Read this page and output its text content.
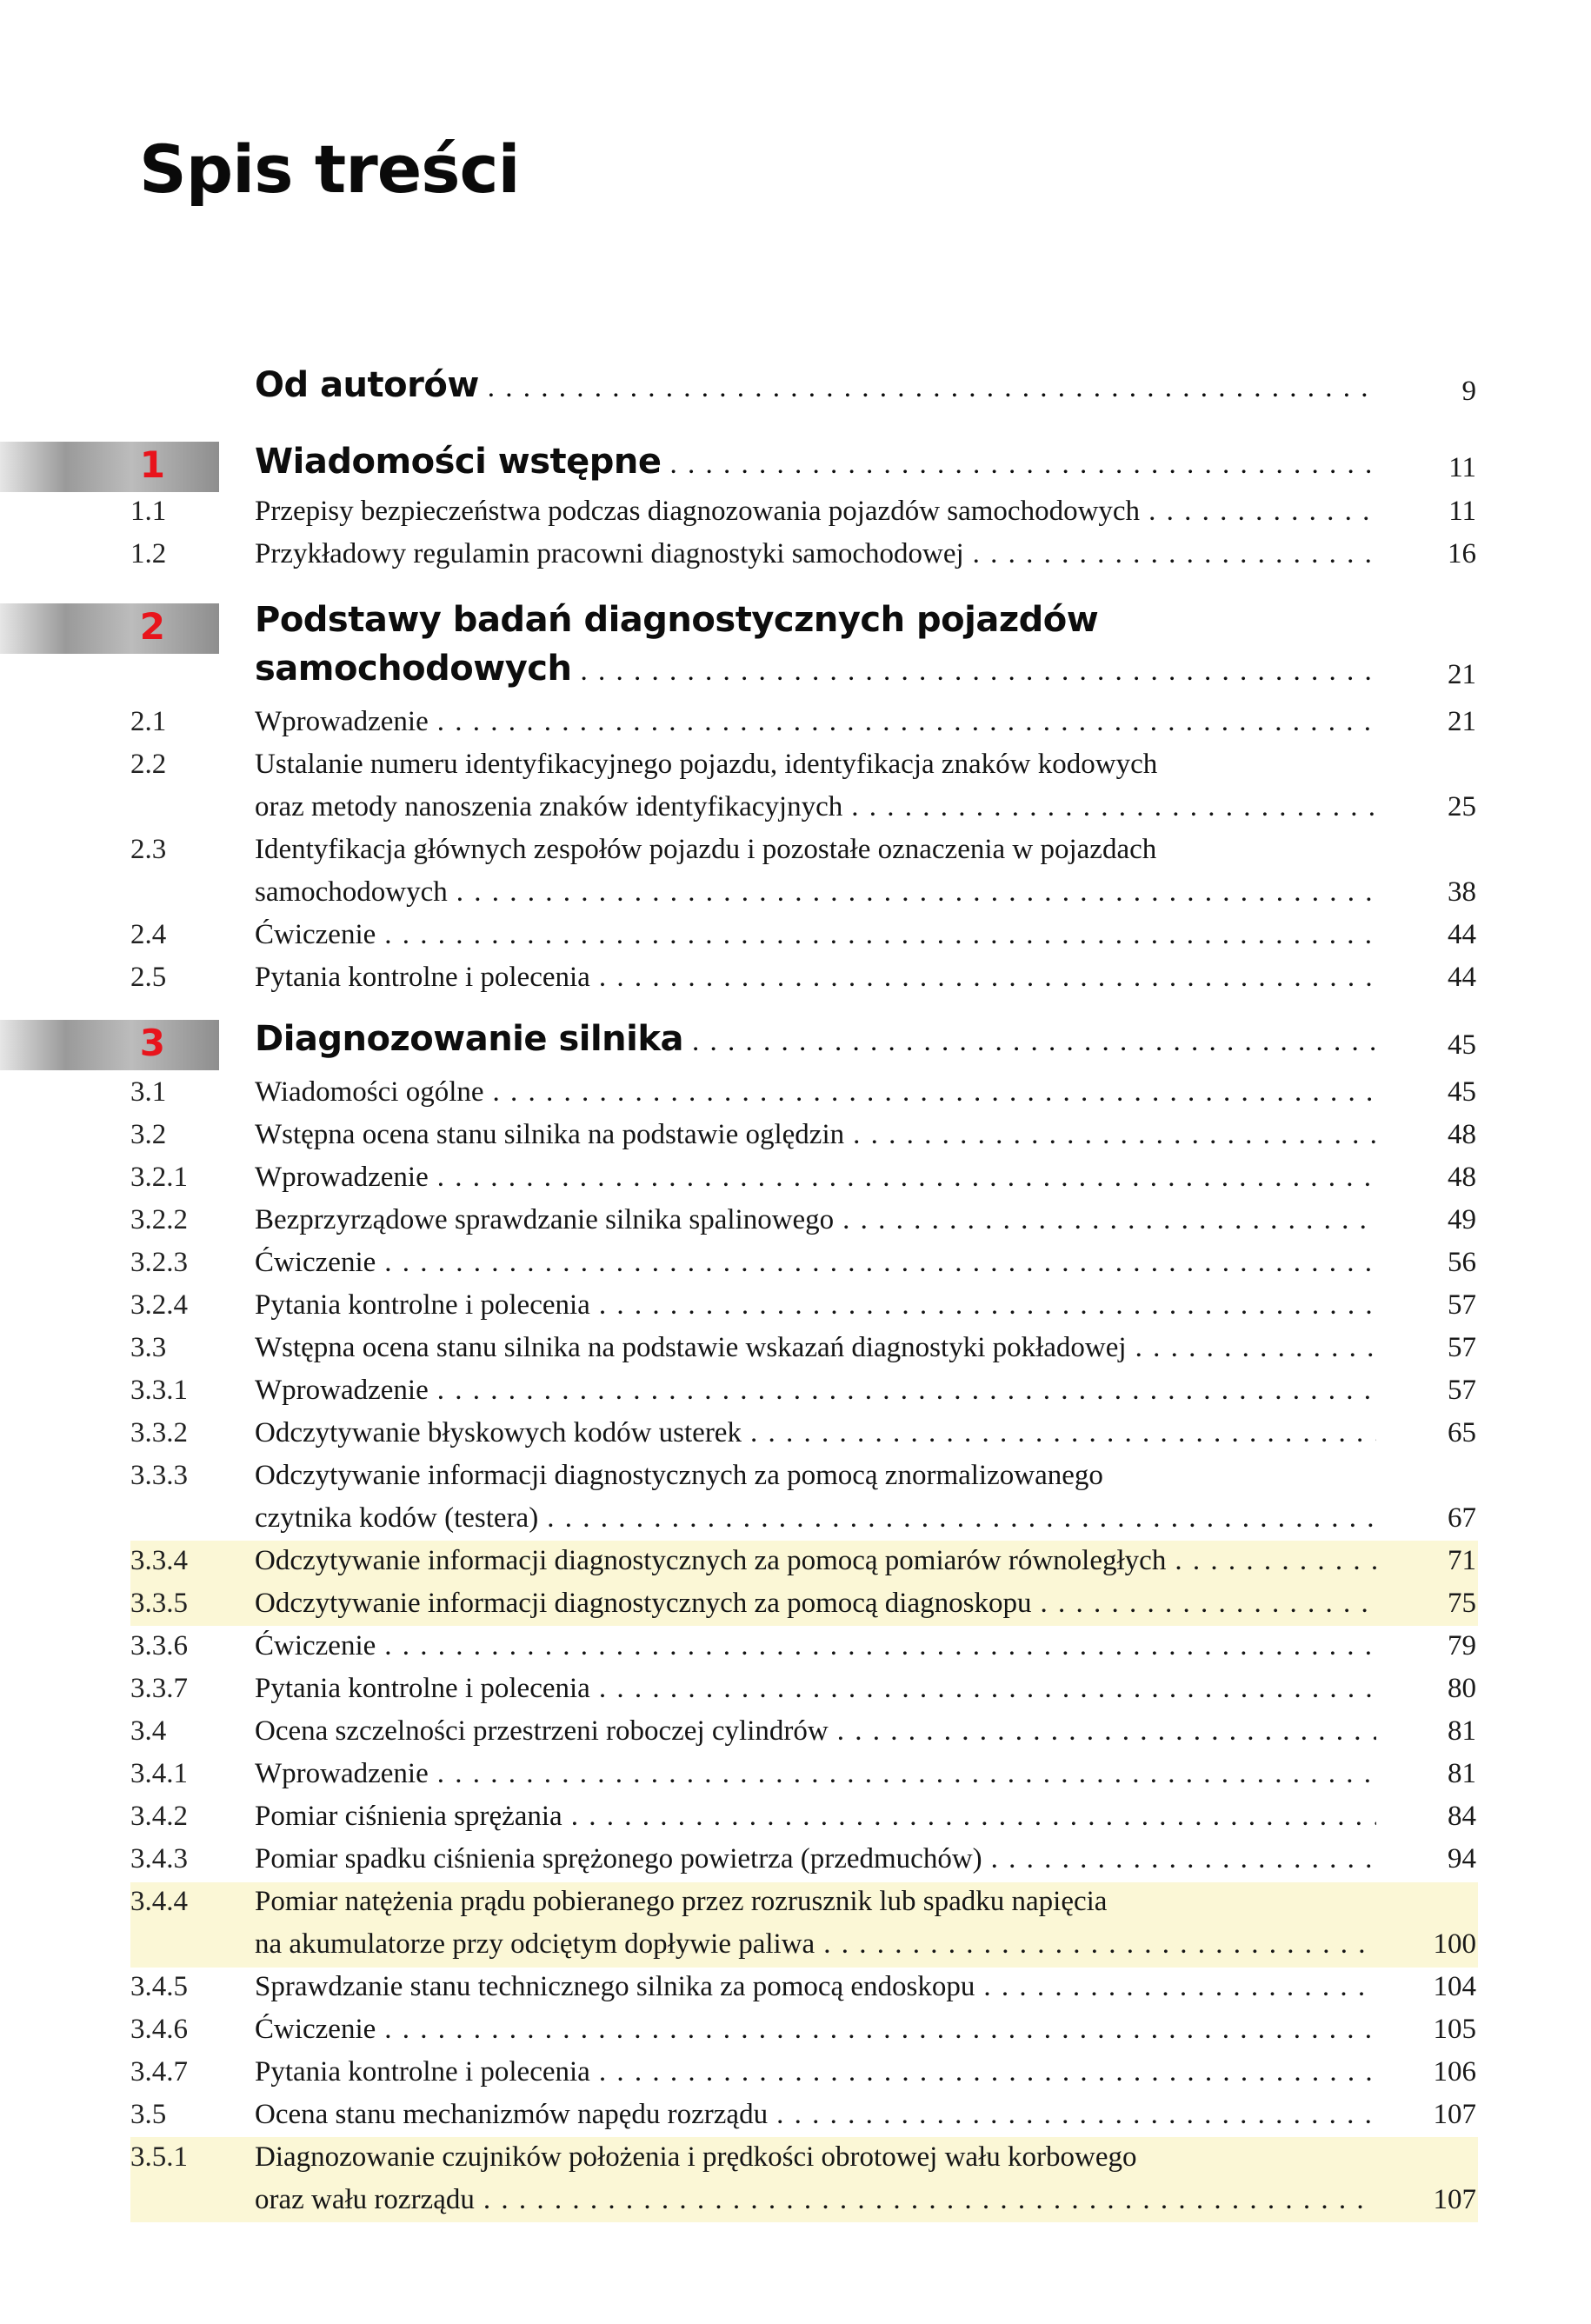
Spis treści
Od autorów . . .	9
1	Wiadomości wstępne . . .	11
1.1	Przepisy bezpieczeństwa podczas diagnozowania pojazdów samochodowych . . .	11
1.2	Przykładowy regulamin pracowni diagnostyki samochodowej . . .	16
2	Podstawy badań diagnostycznych pojazdów
samochodowych . . .	21
2.1	Wprowadzenie . . .	21
2.2	Ustalanie numeru identyfikacyjnego pojazdu, identyfikacja znaków kodowych
oraz metody nanoszenia znaków identyfikacyjnych . . .	25
2.3	Identyfikacja głównych zespołów pojazdu i pozostałe oznaczenia w pojazdach
samochodowych . . .	38
2.4	Ćwiczenie . . .	44
2.5	Pytania kontrolne i polecenia . . .	44
3	Diagnozowanie silnika . . .	45
3.1	Wiadomości ogólne . . .	45
3.2	Wstępna ocena stanu silnika na podstawie oględzin . . .	48
3.2.1	Wprowadzenie . . .	48
3.2.2	Bezprzyrządowe sprawdzanie silnika spalinowego . . .	49
3.2.3	Ćwiczenie . . .	56
3.2.4	Pytania kontrolne i polecenia . . .	57
3.3	Wstępna ocena stanu silnika na podstawie wskazań diagnostyki pokładowej . . .	57
3.3.1	Wprowadzenie . . .	57
3.3.2	Odczytywanie błyskowych kodów usterek . . .	65
3.3.3	Odczytywanie informacji diagnostycznych za pomocą znormalizowanego
czytnika kodów (testera) . . .	67
3.3.4	Odczytywanie informacji diagnostycznych za pomocą pomiarów równoległych . . .	71
3.3.5	Odczytywanie informacji diagnostycznych za pomocą diagnoskopu . . .	75
3.3.6	Ćwiczenie . . .	79
3.3.7	Pytania kontrolne i polecenia . . .	80
3.4	Ocena szczelności przestrzeni roboczej cylindrów . . .	81
3.4.1	Wprowadzenie . . .	81
3.4.2	Pomiar ciśnienia sprężania . . .	84
3.4.3	Pomiar spadku ciśnienia sprężonego powietrza (przedmuchów) . . .	94
3.4.4	Pomiar natężenia prądu pobieranego przez rozrusznik lub spadku napięcia
na akumulatorze przy odciętym dopływie paliwa . . .	100
3.4.5	Sprawdzanie stanu technicznego silnika za pomocą endoskopu . . .	104
3.4.6	Ćwiczenie . . .	105
3.4.7	Pytania kontrolne i polecenia . . .	106
3.5	Ocena stanu mechanizmów napędu rozrządu . . .	107
3.5.1	Diagnozowanie czujników położenia i prędkości obrotowej wału korbowego
oraz wału rozrządu . . .	107
